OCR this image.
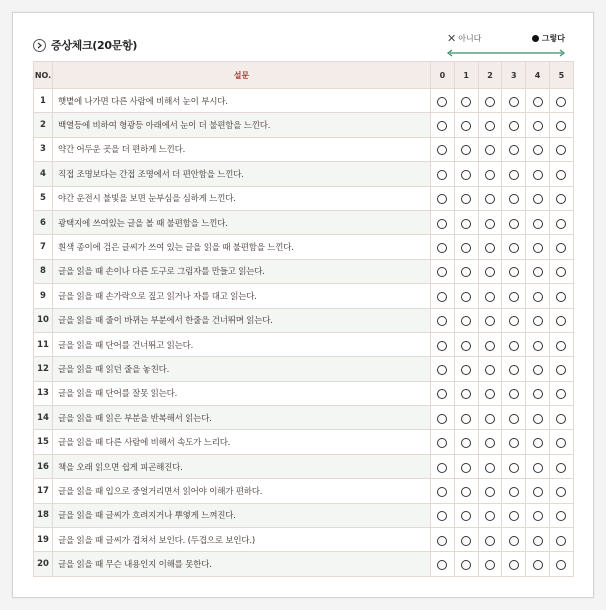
증상체크(20문항)
✕ 아니다	그렇다
NO.	설문	0	1	2	3	4	5
1	햇볕에 나가면 다른 사람에 비해서 눈이 부시다.						
2	백열등에 비하여 형광등 아래에서 눈이 더 불편함을 느낀다.						
3	약간 어두운 곳을 더 편하게 느낀다.						
4	직접 조명보다는 간접 조명에서 더 편안함을 느낀다.						
5	야간 운전시 불빛을 보면 눈부심을 심하게 느낀다.						
6	광택지에 쓰여있는 글을 볼 때 불편함을 느낀다.						
7	흰색 종이에 검은 글씨가 쓰여 있는 글을 읽을 때 불편함을 느낀다.						
8	글을 읽을 때 손이나 다른 도구로 그림자를 만들고 읽는다.						
9	글을 읽을 때 손가락으로 짚고 읽거나 자를 대고 읽는다.						
10	글을 읽을 때 줄이 바뀌는 부분에서 한줄을 건너뛰며 읽는다.						
11	글을 읽을 때 단어를 건너뛰고 읽는다.						
12	글을 읽을 때 읽던 줄을 놓친다.						
13	글을 읽을 때 단어를 잘못 읽는다.						
14	글을 읽을 때 읽은 부분을 반복해서 읽는다.						
15	글을 읽을 때 다른 사람에 비해서 속도가 느리다.						
16	책을 오래 읽으면 쉽게 피곤해진다.						
17	글을 읽을 때 입으로 중얼거리면서 읽어야 이해가 편하다.						
18	글을 읽을 때 글씨가 흐려지거나 뿌옇게 느껴진다.						
19	글을 읽을 때 글씨가 겹쳐서 보인다. (두겹으로 보인다.)						
20	글을 읽을 때 무슨 내용인지 이해를 못한다.						
